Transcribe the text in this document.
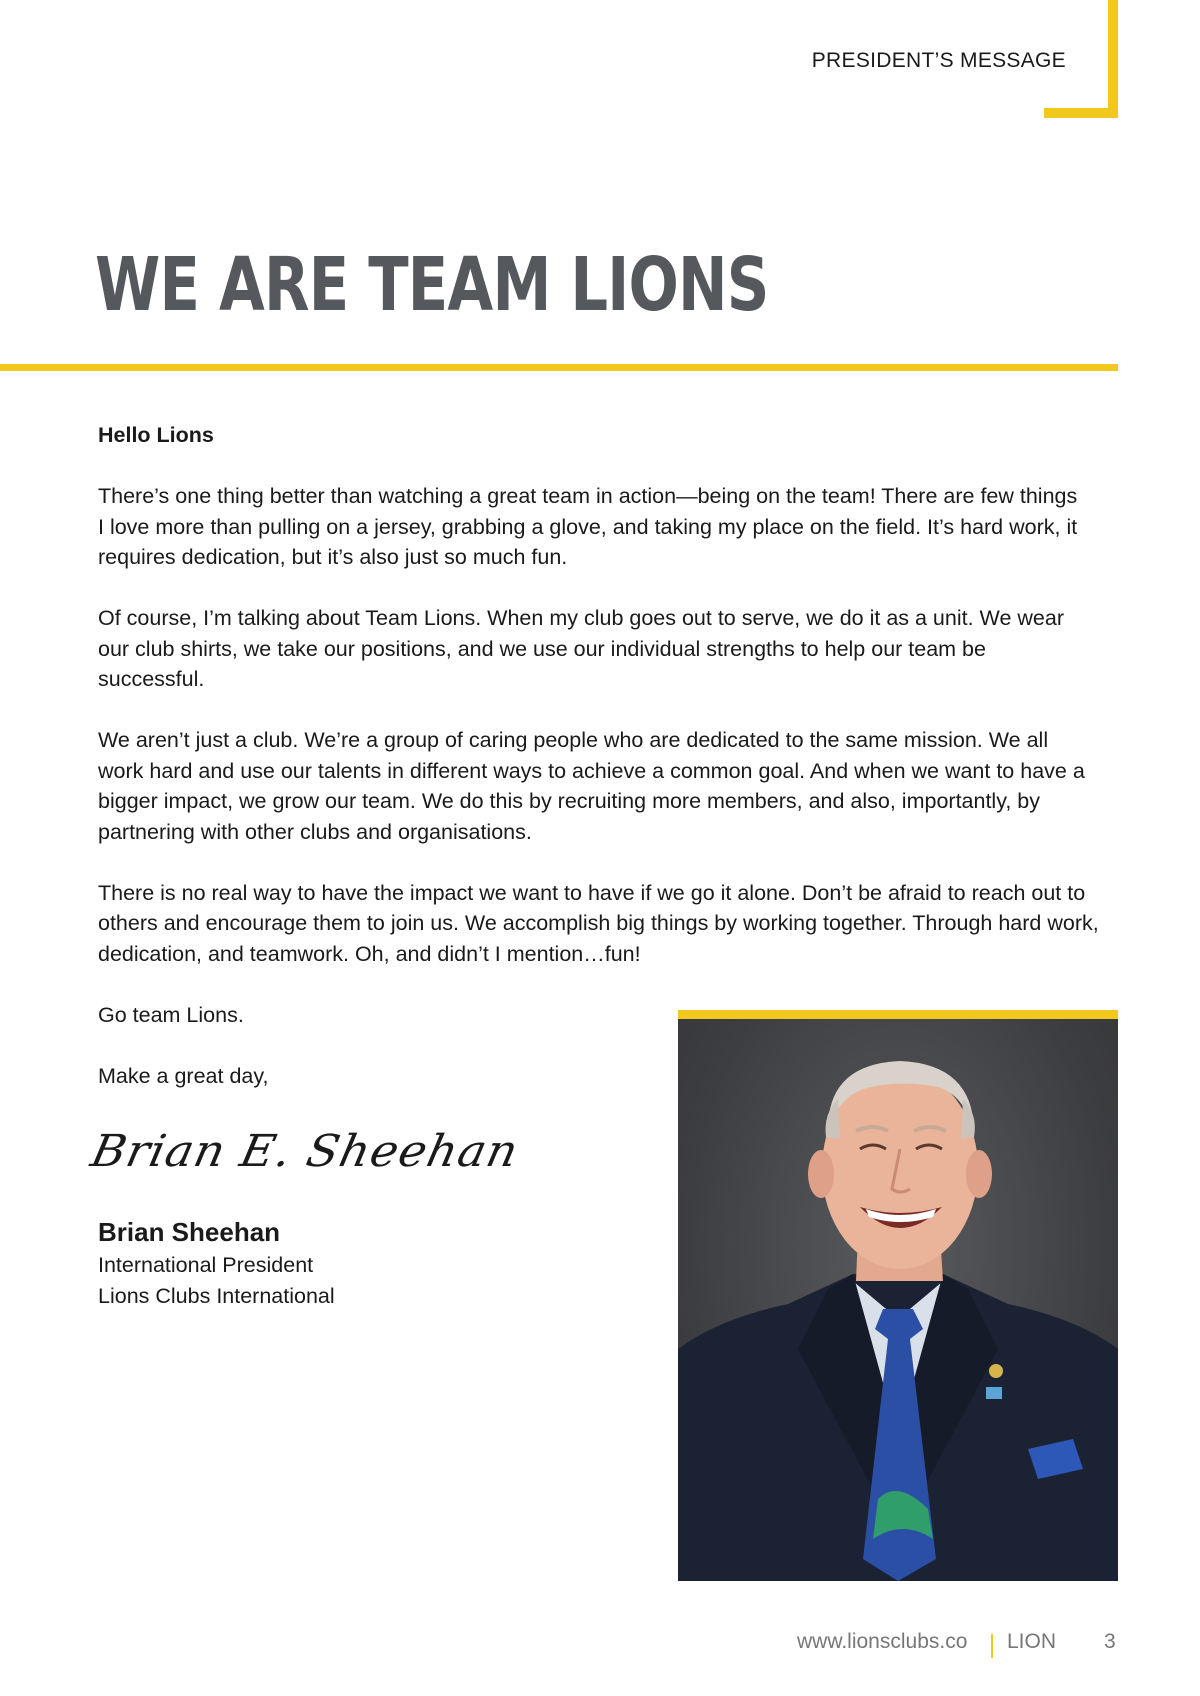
PRESIDENT’S MESSAGE
WE ARE TEAM LIONS

Hello Lions

There’s one thing better than watching a great team in action—being on the team! There are few things I love more than pulling on a jersey, grabbing a glove, and taking my place on the field. It’s hard work, it requires dedication, but it’s also just so much fun.

Of course, I’m talking about Team Lions. When my club goes out to serve, we do it as a unit. We wear our club shirts, we take our positions, and we use our individual strengths to help our team be successful.

We aren’t just a club. We’re a group of caring people who are dedicated to the same mission. We all work hard and use our talents in different ways to achieve a common goal. And when we want to have a bigger impact, we grow our team. We do this by recruiting more members, and also, importantly, by partnering with other clubs and organisations.

There is no real way to have the impact we want to have if we go it alone. Don’t be afraid to reach out to others and encourage them to join us. We accomplish big things by working together. Through hard work, dedication, and teamwork. Oh, and didn’t I mention…fun!

Go team Lions.

Make a great day,

Brian E. Sheehan
Brian Sheehan
International President
Lions Clubs International
www.lionsclubs.co LION 3
